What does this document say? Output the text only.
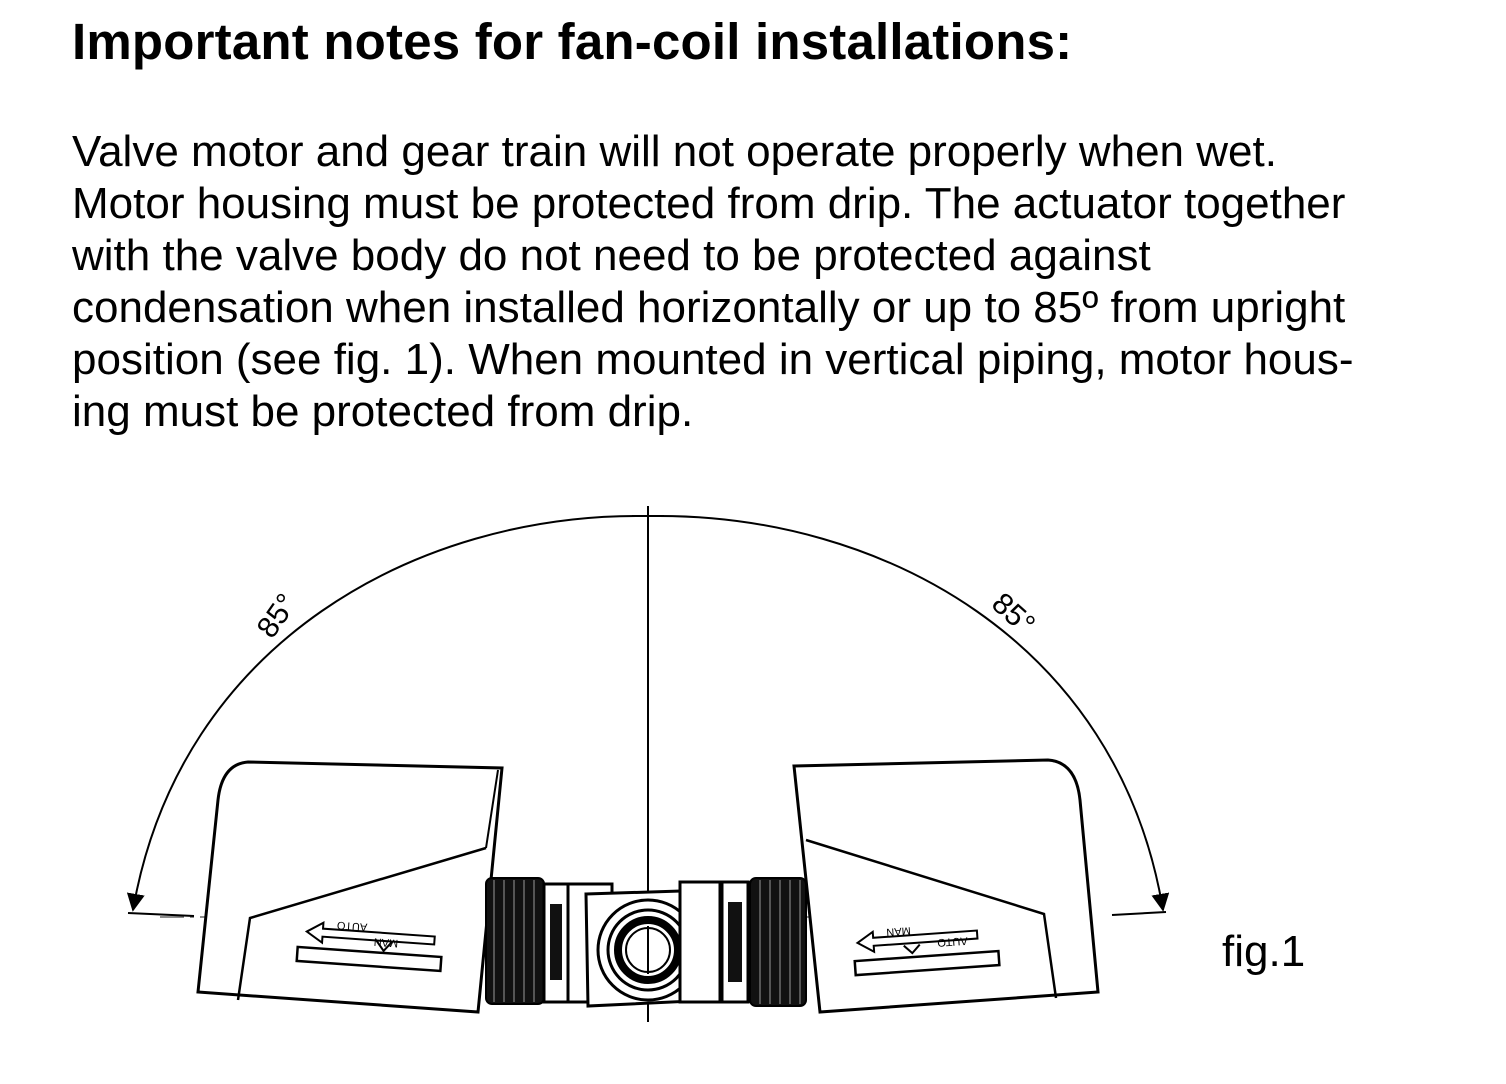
Important notes for fan-coil installations:

Valve motor and gear train will not operate properly when wet.
Motor housing must be protected from drip. The actuator together
with the valve body do not need to be protected against
condensation when installed horizontally or up to 85º from upright
position (see fig. 1). When mounted in vertical piping, motor hous-
ing must be protected from drip.

85°	85°
AUTO
MAN
MAN
AUTO	fig.1
